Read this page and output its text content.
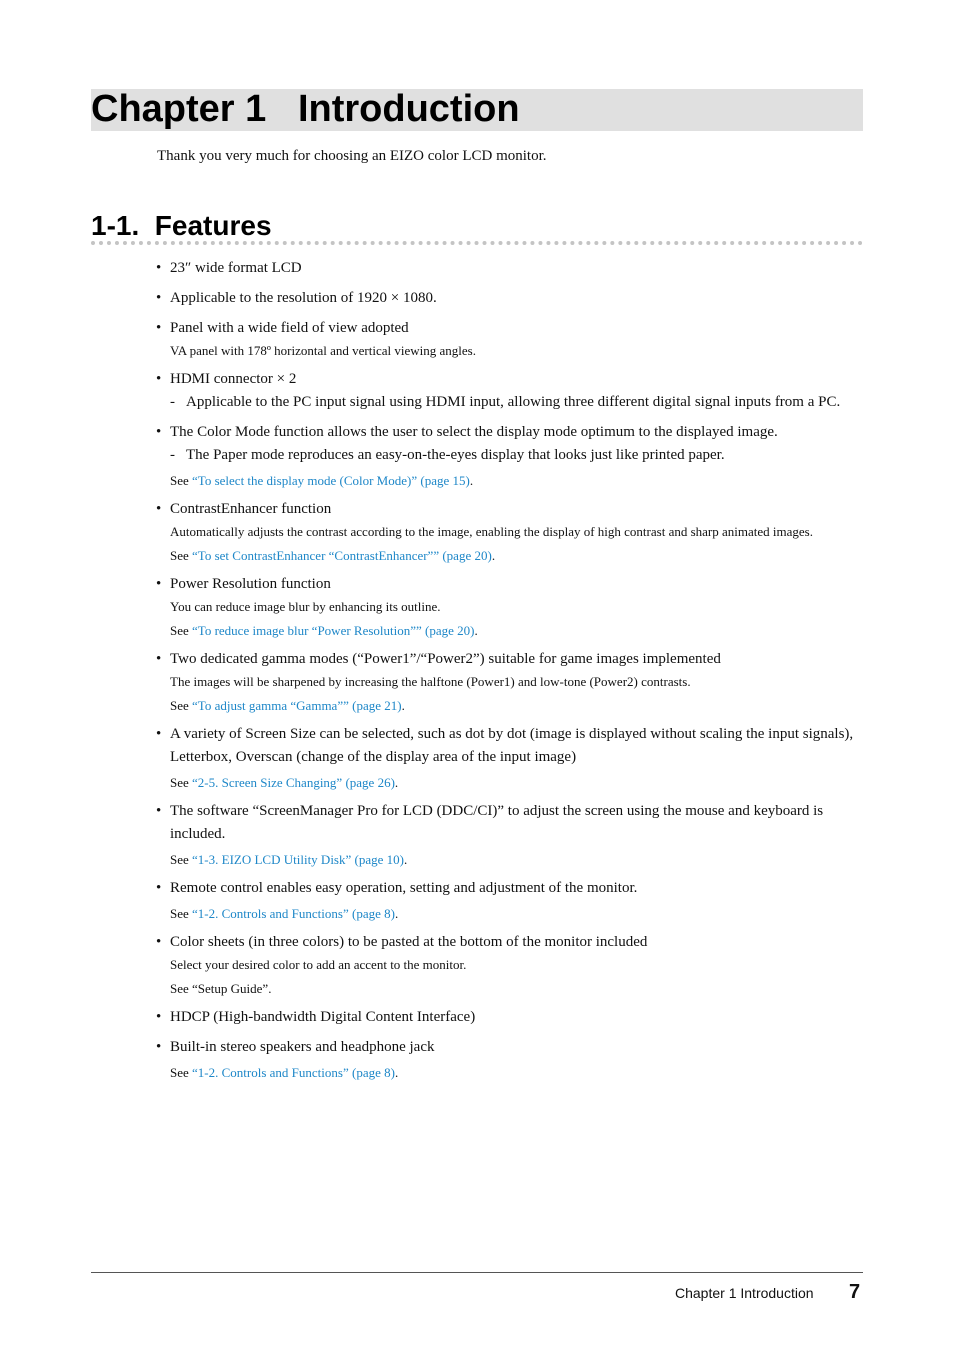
Chapter 1   Introduction
Thank you very much for choosing an EIZO color LCD monitor.
1-1.  Features
• 23″ wide format LCD
• Applicable to the resolution of 1920 × 1080.
• Panel with a wide field of view adopted
VA panel with 178º horizontal and vertical viewing angles.
• HDMI connector × 2
- Applicable to the PC input signal using HDMI input, allowing three different digital signal inputs from a PC.
• The Color Mode function allows the user to select the display mode optimum to the displayed image.
- The Paper mode reproduces an easy-on-the-eyes display that looks just like printed paper.
See “To select the display mode (Color Mode)” (page 15).
• ContrastEnhancer function
Automatically adjusts the contrast according to the image, enabling the display of high contrast and sharp animated images.
See “To set ContrastEnhancer “ContrastEnhancer”” (page 20).
• Power Resolution function
You can reduce image blur by enhancing its outline.
See “To reduce image blur “Power Resolution”” (page 20).
• Two dedicated gamma modes (“Power1”/“Power2”) suitable for game images implemented
The images will be sharpened by increasing the halftone (Power1) and low-tone (Power2) contrasts.
See “To adjust gamma “Gamma”” (page 21).
• A variety of Screen Size can be selected, such as dot by dot (image is displayed without scaling the input signals), Letterbox, Overscan (change of the display area of the input image)
See “2-5. Screen Size Changing” (page 26).
• The software “ScreenManager Pro for LCD (DDC/CI)” to adjust the screen using the mouse and keyboard is included.
See “1-3. EIZO LCD Utility Disk” (page 10).
• Remote control enables easy operation, setting and adjustment of the monitor.
See “1-2. Controls and Functions” (page 8).
• Color sheets (in three colors) to be pasted at the bottom of the monitor included
Select your desired color to add an accent to the monitor.
See “Setup Guide”.
• HDCP (High-bandwidth Digital Content Interface)
• Built-in stereo speakers and headphone jack
See “1-2. Controls and Functions” (page 8).
Chapter 1 Introduction 7
